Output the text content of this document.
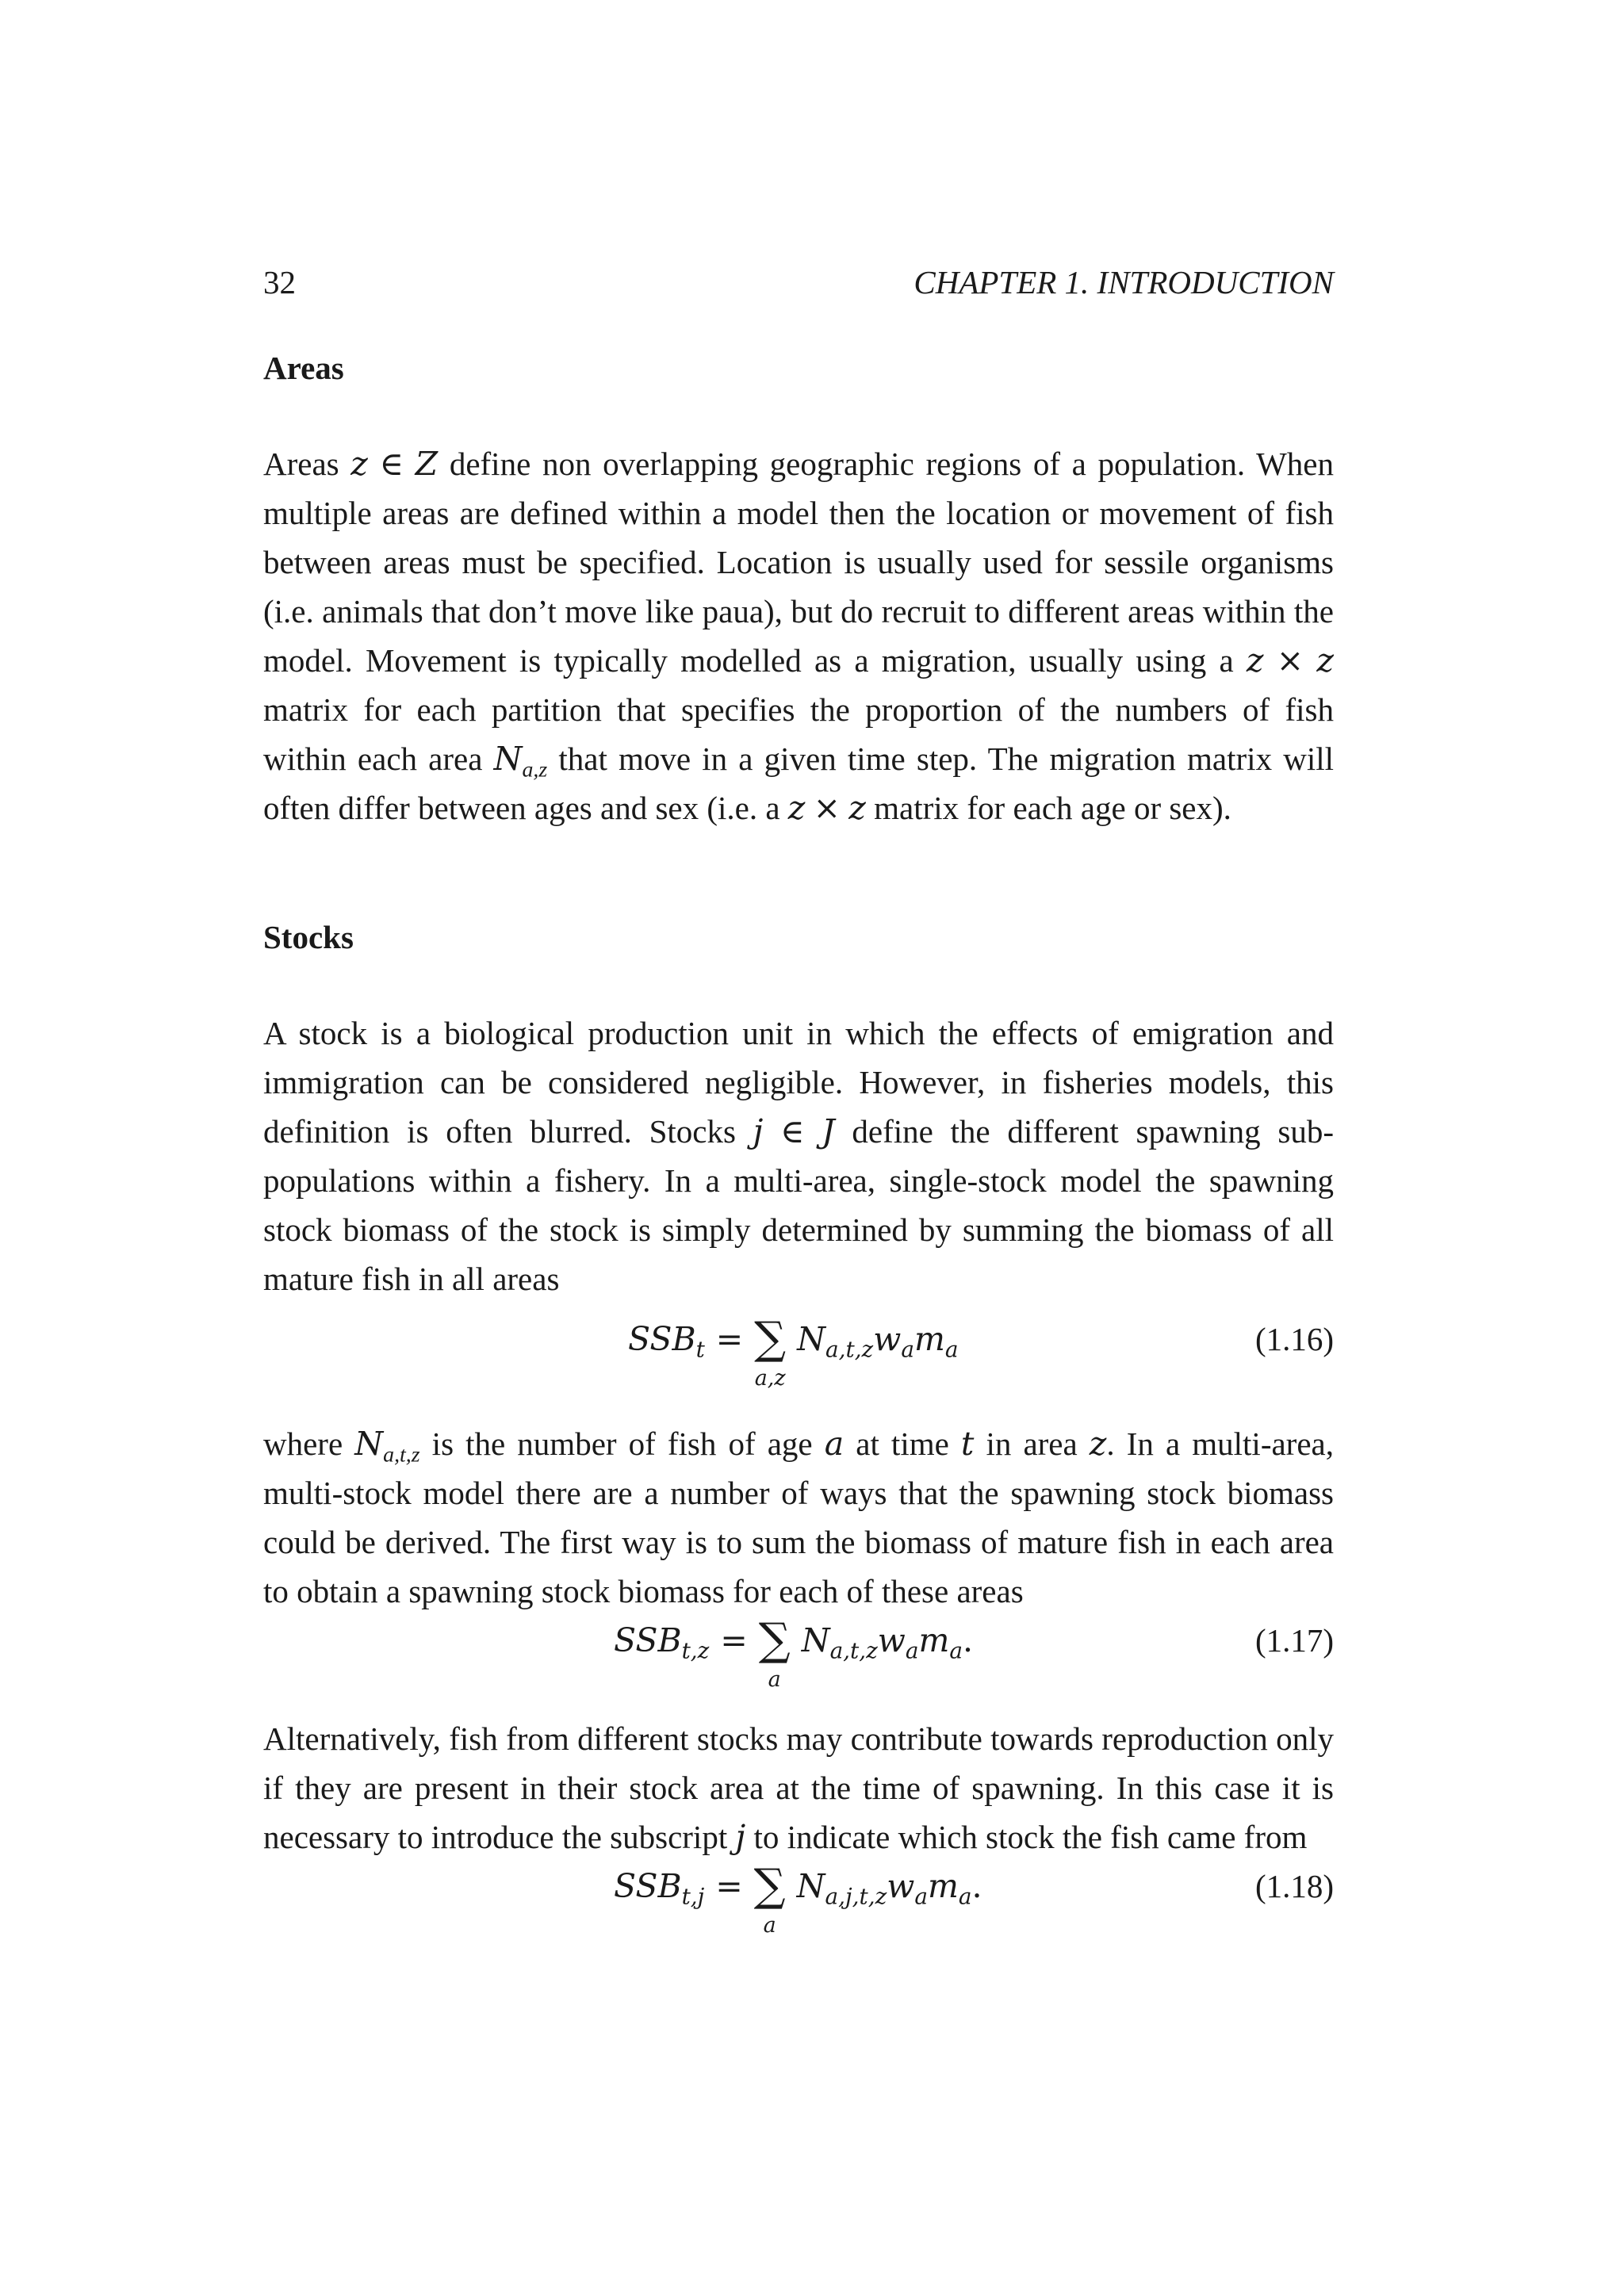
32	CHAPTER 1. INTRODUCTION
Areas

Areas z ∈ Z define non overlapping geographic regions of a population. When multiple areas are defined within a model then the location or movement of fish between areas must be specified. Location is usually used for sessile organisms (i.e. animals that don’t move like paua), but do recruit to different areas within the model. Movement is typically modelled as a migration, usually using a z × z matrix for each partition that specifies the proportion of the numbers of fish within each area $N_{a,z}$ that move in a given time step. The migration matrix will often differ between ages and sex (i.e. a z × z matrix for each age or sex).

Stocks

A stock is a biological production unit in which the effects of emigration and immigration can be considered negligible. However, in fisheries models, this definition is often blurred. Stocks j ∈ J define the different spawning sub-populations within a fishery. In a multi-area, single-stock model the spawning stock biomass of the stock is simply determined by summing the biomass of all mature fish in all areas

$SSB_t$ = ∑
a,z
$N_{a,t,z}w_am_a$	(1.16)

where $N_{a,t,z}$ is the number of fish of age a at time t in area z. In a multi-area, multi-stock model there are a number of ways that the spawning stock biomass could be derived. The first way is to sum the biomass of mature fish in each area to obtain a spawning stock biomass for each of these areas

$SSB_{t,z}$ = ∑
a
$N_{a,t,z}w_am_a$.	(1.17)

Alternatively, fish from different stocks may contribute towards reproduction only if they are present in their stock area at the time of spawning. In this case it is necessary to introduce the subscript j to indicate which stock the fish came from

$SSB_{t,j}$ = ∑
a
$N_{a,j,t,z}w_am_a$.	(1.18)
